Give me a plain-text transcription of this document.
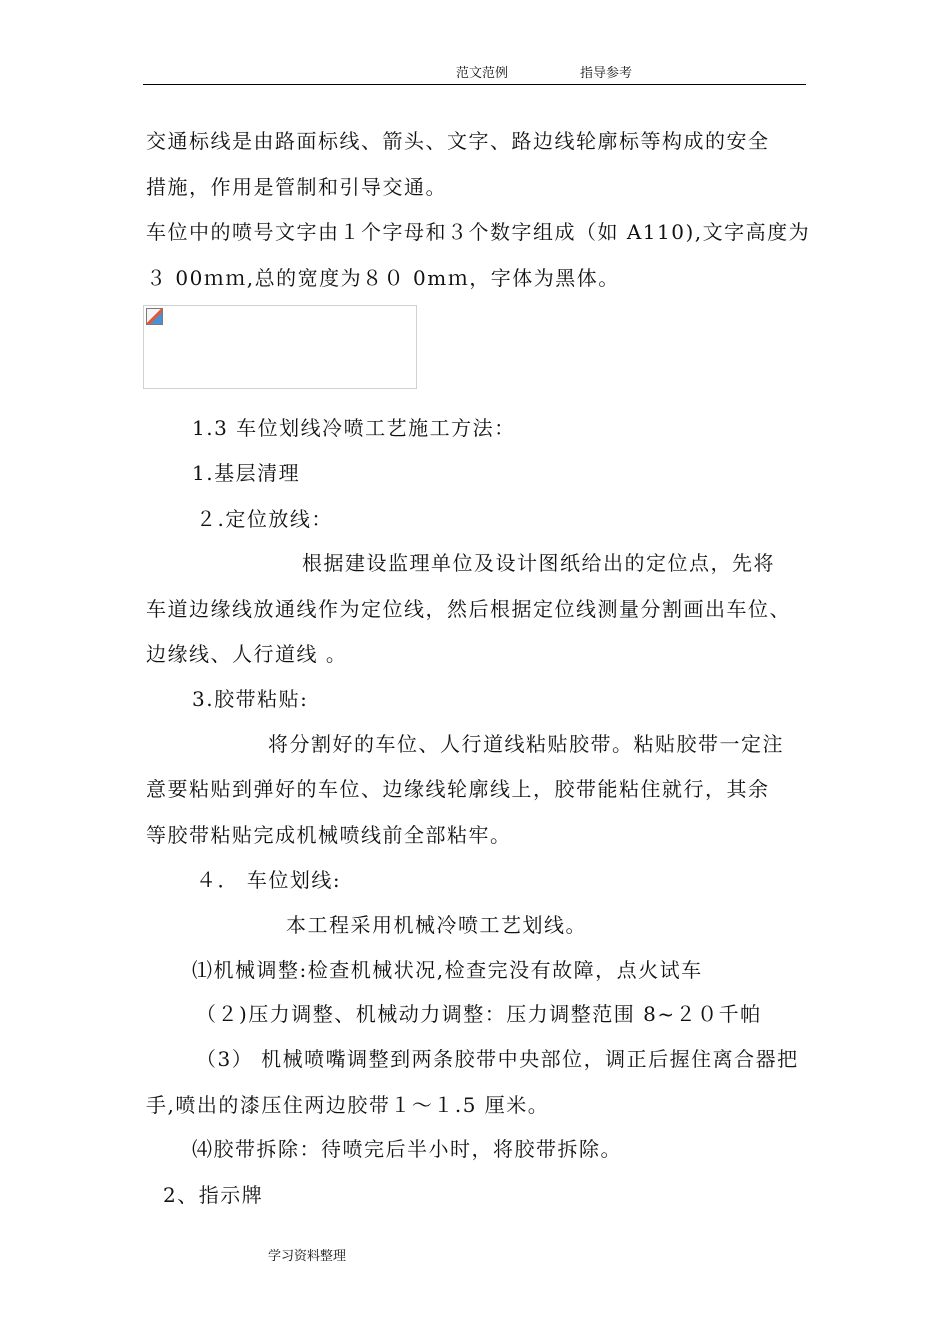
范文范例	指导参考
交通标线是由路面标线、箭头、文字、路边线轮廓标等构成的安全
措施，作用是管制和引导交通。
车位中的喷号文字由１个字母和３个数字组成（如 A110),文字高度为
３ 00ｍｍ,总的宽度为８０ 0mｍ，字体为黑体。
1.3 车位划线冷喷工艺施工方法：
1.基层清理
２.定位放线：
根据建设监理单位及设计图纸给出的定位点，先将
车道边缘线放通线作为定位线，然后根据定位线测量分割画出车位、
边缘线、人行道线 。
3.胶带粘贴:
将分割好的车位、人行道线粘贴胶带。粘贴胶带一定注
意要粘贴到弹好的车位、边缘线轮廓线上，胶带能粘住就行，其余
等胶带粘贴完成机械喷线前全部粘牢。
４． 车位划线:
本工程采用机械冷喷工艺划线。
⑴机械调整:检查机械状况,检查完没有故障，点火试车
（２)压力调整、机械动力调整：压力调整范围 8~２０千帕
（3） 机械喷嘴调整到两条胶带中央部位，调正后握住离合器把
手,喷出的漆压住两边胶带１～１.5 厘米。
⑷胶带拆除：待喷完后半小时，将胶带拆除。
2、指示牌
学习资料整理
